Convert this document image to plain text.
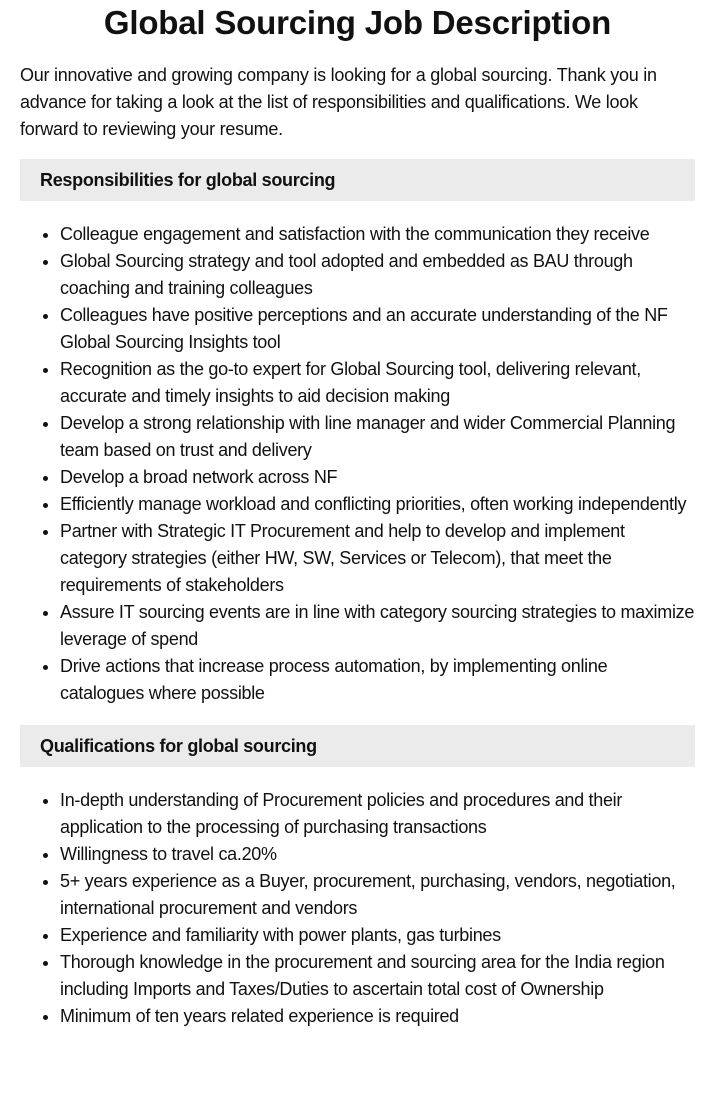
Global Sourcing Job Description

Our innovative and growing company is looking for a global sourcing. Thank you in advance for taking a look at the list of responsibilities and qualifications. We look forward to reviewing your resume.

Responsibilities for global sourcing
Colleague engagement and satisfaction with the communication they receive
Global Sourcing strategy and tool adopted and embedded as BAU through coaching and training colleagues
Colleagues have positive perceptions and an accurate understanding of the NF Global Sourcing Insights tool
Recognition as the go-to expert for Global Sourcing tool, delivering relevant, accurate and timely insights to aid decision making
Develop a strong relationship with line manager and wider Commercial Planning team based on trust and delivery
Develop a broad network across NF
Efficiently manage workload and conflicting priorities, often working independently
Partner with Strategic IT Procurement and help to develop and implement category strategies (either HW, SW, Services or Telecom), that meet the requirements of stakeholders
Assure IT sourcing events are in line with category sourcing strategies to maximize leverage of spend
Drive actions that increase process automation, by implementing online catalogues where possible
Qualifications for global sourcing
In-depth understanding of Procurement policies and procedures and their application to the processing of purchasing transactions
Willingness to travel ca.20%
5+ years experience as a Buyer, procurement, purchasing, vendors, negotiation, international procurement and vendors
Experience and familiarity with power plants, gas turbines
Thorough knowledge in the procurement and sourcing area for the India region including Imports and Taxes/Duties to ascertain total cost of Ownership
Minimum of ten years related experience is required
